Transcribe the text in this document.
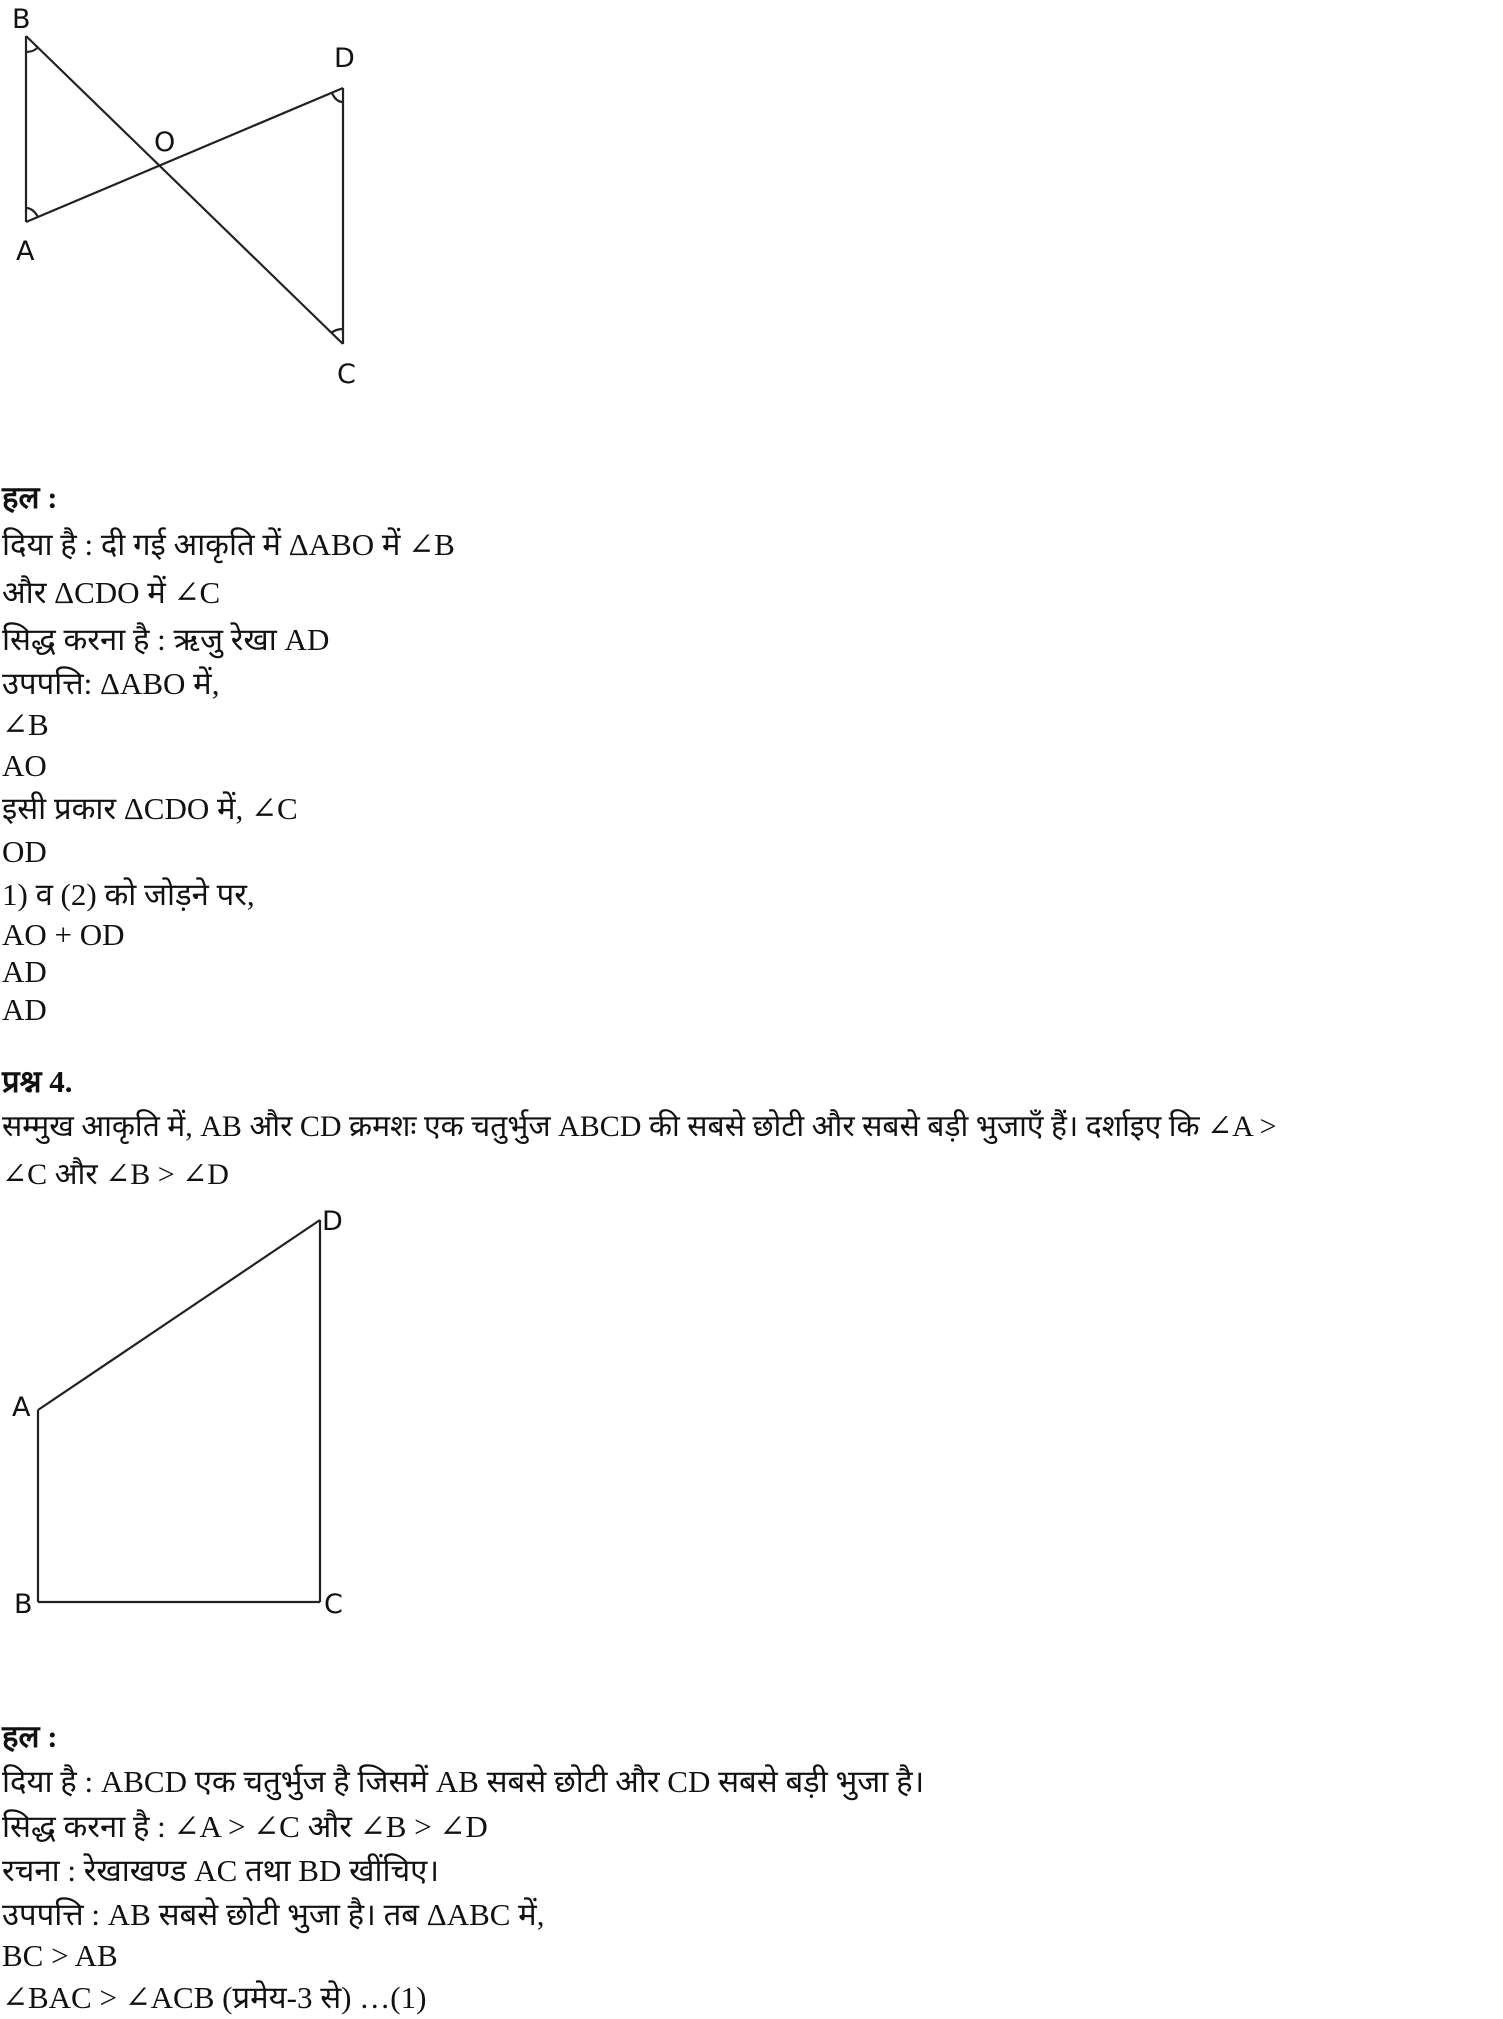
B
D
O
A
C
हल :
दिया है : दी गई आकृति में ΔABO में ∠B
और ΔCDO में ∠C
सिद्ध करना है : ऋजु रेखा AD
उपपत्ति: ΔABO में,
∠B
AO
इसी प्रकार ΔCDO में, ∠C
OD
1) व (2) को जोड़ने पर,
AO + OD
AD
AD
प्रश्न 4.
सम्मुख आकृति में, AB और CD क्रमशः एक चतुर्भुज ABCD की सबसे छोटी और सबसे बड़ी भुजाएँ हैं। दर्शाइए कि ∠A >
∠C और ∠B > ∠D
D
A
B	C
हल :
दिया है : ABCD एक चतुर्भुज है जिसमें AB सबसे छोटी और CD सबसे बड़ी भुजा है।
सिद्ध करना है : ∠A > ∠C और ∠B > ∠D
रचना : रेखाखण्ड AC तथा BD खींचिए।
उपपत्ति : AB सबसे छोटी भुजा है। तब ΔABC में,
BC > AB
∠BAC > ∠ACB (प्रमेय-3 से) …(1)
